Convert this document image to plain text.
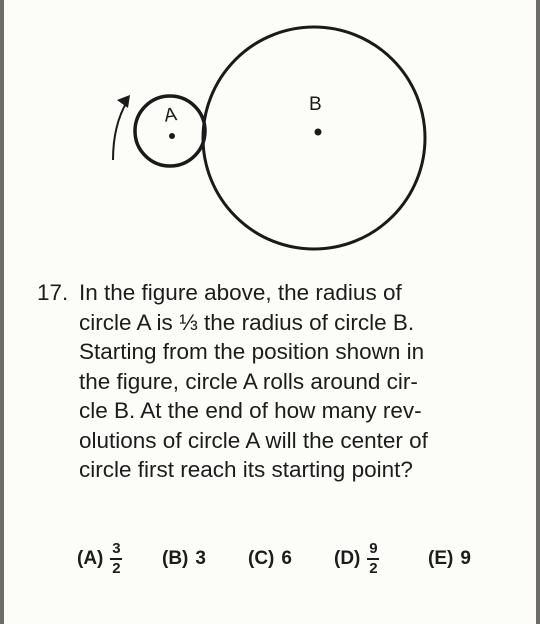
A	B
17. In the figure above, the radius of
circle A is ⅓ the radius of circle B.
Starting from the position shown in
the figure, circle A rolls around cir-
cle B. At the end of how many rev-
olutions of circle A will the center of
circle first reach its starting point?
$(A) \frac{3}{2} (B)$ 3 (C) 6 $(D) \frac{9}{2}$	(E) 9
